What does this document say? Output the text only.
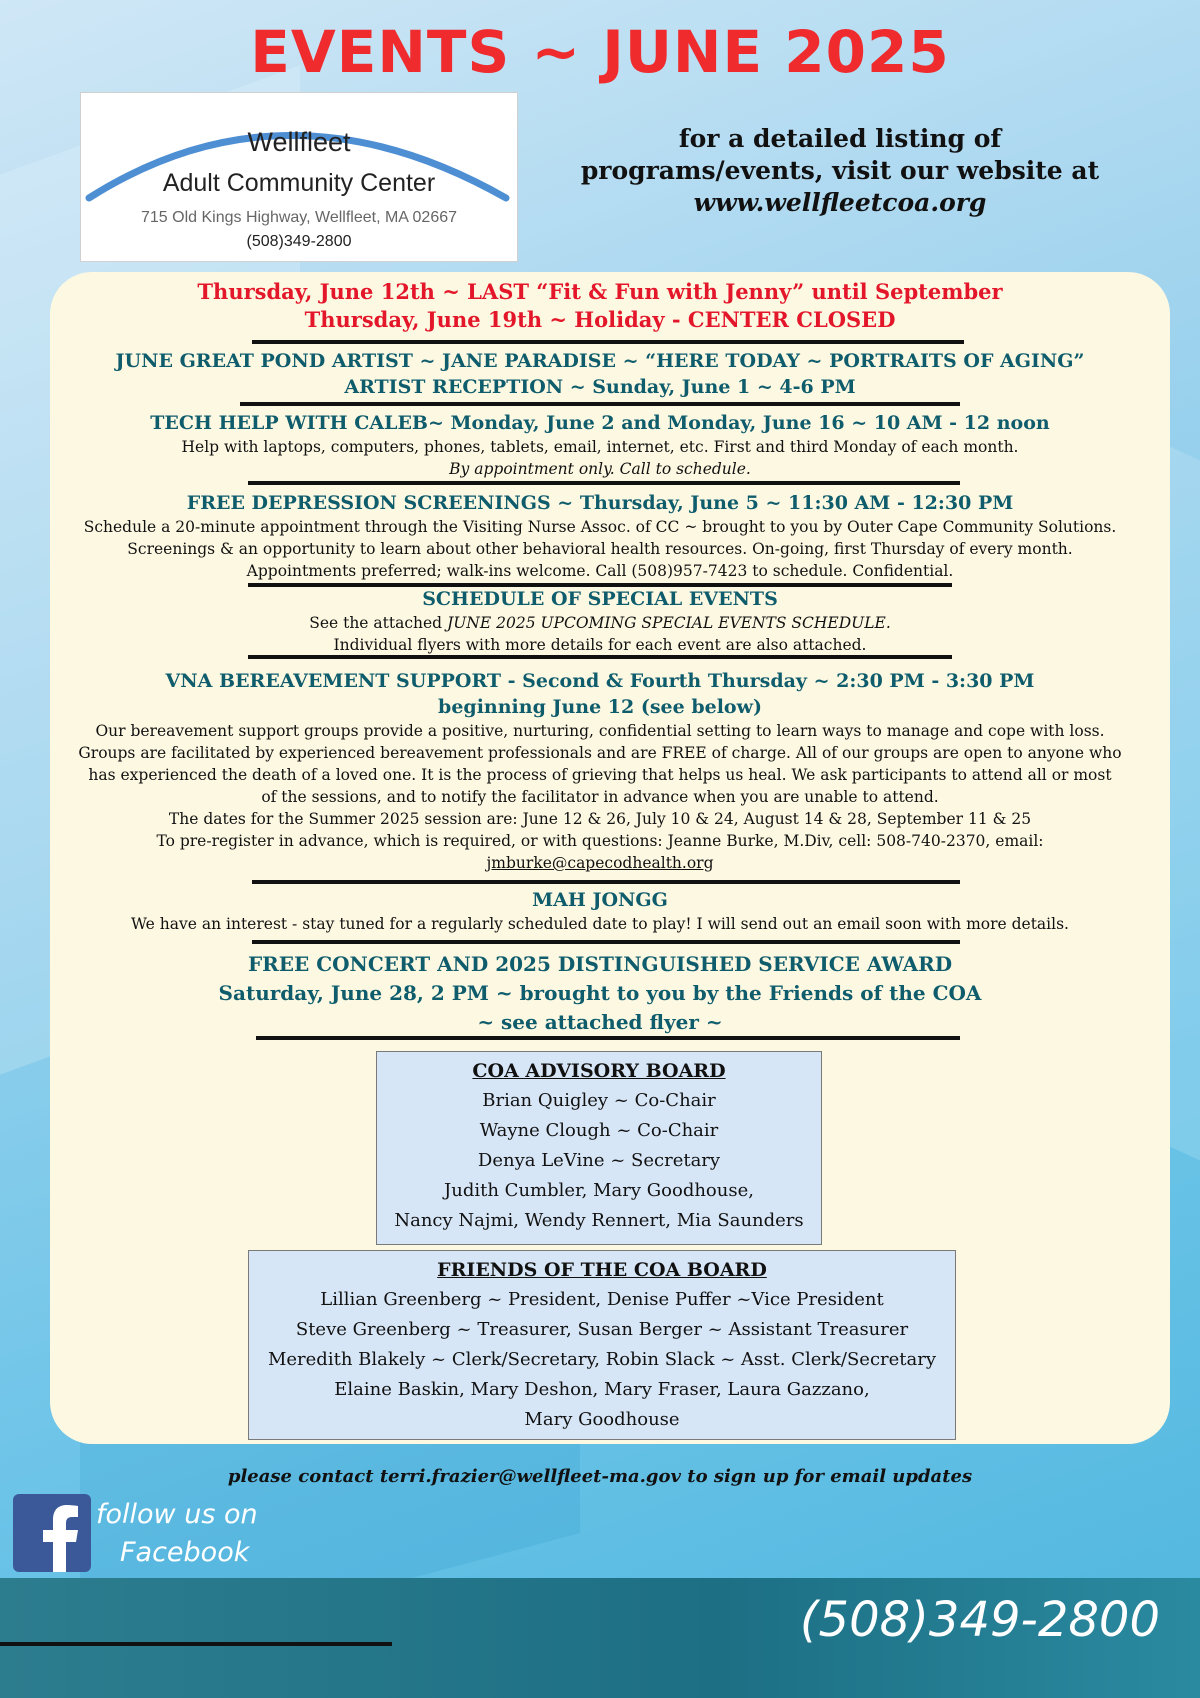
EVENTS ~ JUNE 2025
Wellfleet
Adult Community Center
715 Old Kings Highway, Wellfleet, MA 02667
(508)349-2800
for a detailed listing of
programs/events, visit our website at
www.wellfleetcoa.org
Thursday, June 12th ~ LAST “Fit & Fun with Jenny” until September
Thursday, June 19th ~ Holiday - CENTER CLOSED
JUNE GREAT POND ARTIST ~ JANE PARADISE ~ “HERE TODAY ~ PORTRAITS OF AGING”
ARTIST RECEPTION ~ Sunday, June 1 ~ 4-6 PM
TECH HELP WITH CALEB~ Monday, June 2 and Monday, June 16 ~ 10 AM - 12 noon
Help with laptops, computers, phones, tablets, email, internet, etc. First and third Monday of each month.
By appointment only. Call to schedule.
FREE DEPRESSION SCREENINGS ~ Thursday, June 5 ~ 11:30 AM - 12:30 PM
Schedule a 20-minute appointment through the Visiting Nurse Assoc. of CC ~ brought to you by Outer Cape Community Solutions.
Screenings & an opportunity to learn about other behavioral health resources. On-going, first Thursday of every month.
Appointments preferred; walk-ins welcome. Call (508)957-7423 to schedule. Confidential.
SCHEDULE OF SPECIAL EVENTS
See the attached JUNE 2025 UPCOMING SPECIAL EVENTS SCHEDULE.
Individual flyers with more details for each event are also attached.
VNA BEREAVEMENT SUPPORT - Second & Fourth Thursday ~ 2:30 PM - 3:30 PM
beginning June 12 (see below)
Our bereavement support groups provide a positive, nurturing, confidential setting to learn ways to manage and cope with loss.
Groups are facilitated by experienced bereavement professionals and are FREE of charge. All of our groups are open to anyone who
has experienced the death of a loved one. It is the process of grieving that helps us heal. We ask participants to attend all or most
of the sessions, and to notify the facilitator in advance when you are unable to attend.
The dates for the Summer 2025 session are: June 12 & 26, July 10 & 24, August 14 & 28, September 11 & 25
To pre-register in advance, which is required, or with questions: Jeanne Burke, M.Div, cell: 508-740-2370, email:
jmburke@capecodhealth.org
MAH JONGG
We have an interest - stay tuned for a regularly scheduled date to play! I will send out an email soon with more details.
FREE CONCERT AND 2025 DISTINGUISHED SERVICE AWARD
Saturday, June 28, 2 PM ~ brought to you by the Friends of the COA
~ see attached flyer ~
COA ADVISORY BOARD
Brian Quigley ~ Co-Chair
Wayne Clough ~ Co-Chair
Denya LeVine ~ Secretary
Judith Cumbler, Mary Goodhouse,
Nancy Najmi, Wendy Rennert, Mia Saunders
FRIENDS OF THE COA BOARD
Lillian Greenberg ~ President, Denise Puffer ~Vice President
Steve Greenberg ~ Treasurer, Susan Berger ~ Assistant Treasurer
Meredith Blakely ~ Clerk/Secretary, Robin Slack ~ Asst. Clerk/Secretary
Elaine Baskin, Mary Deshon, Mary Fraser, Laura Gazzano,
Mary Goodhouse
please contact terri.frazier@wellfleet-ma.gov to sign up for email updates
follow us on
Facebook
(508)349-2800
